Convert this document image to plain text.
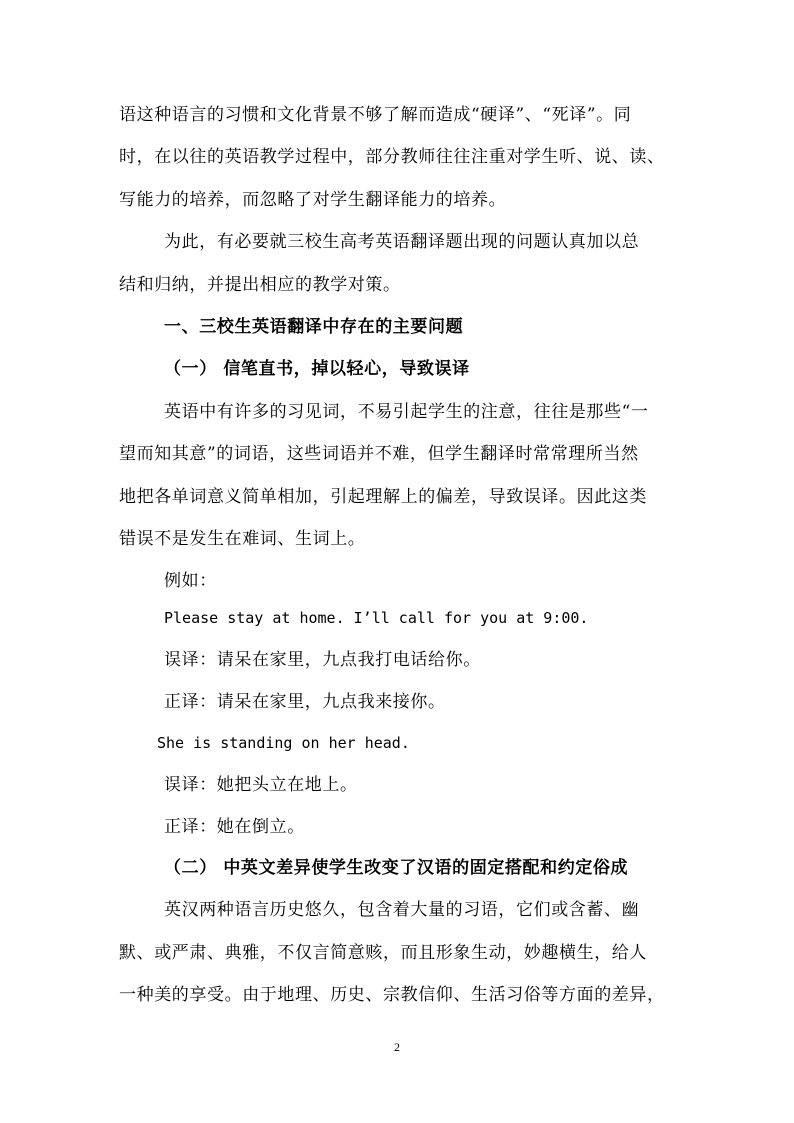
语这种语言的习惯和文化背景不够了解而造成“硬译”、“死译”。同
时，在以往的英语教学过程中，部分教师往往注重对学生听、说、读、
写能力的培养，而忽略了对学生翻译能力的培养。
为此，有必要就三校生高考英语翻译题出现的问题认真加以总
结和归纳，并提出相应的教学对策。
一、三校生英语翻译中存在的主要问题
（一） 信笔直书，掉以轻心，导致误译
英语中有许多的习见词，不易引起学生的注意，往往是那些“一
望而知其意”的词语，这些词语并不难，但学生翻译时常常理所当然
地把各单词意义简单相加，引起理解上的偏差，导致误译。因此这类
错误不是发生在难词、生词上。
例如：
Please stay at home. I’ll call for you at 9:00.
误译：请呆在家里，九点我打电话给你。
正译：请呆在家里，九点我来接你。
She is standing on her head.
误译：她把头立在地上。
正译：她在倒立。
（二） 中英文差异使学生改变了汉语的固定搭配和约定俗成
英汉两种语言历史悠久，包含着大量的习语，它们或含蓄、幽
默、或严肃、典雅，不仅言简意赅，而且形象生动，妙趣横生，给人
一种美的享受。由于地理、历史、宗教信仰、生活习俗等方面的差异，
2
